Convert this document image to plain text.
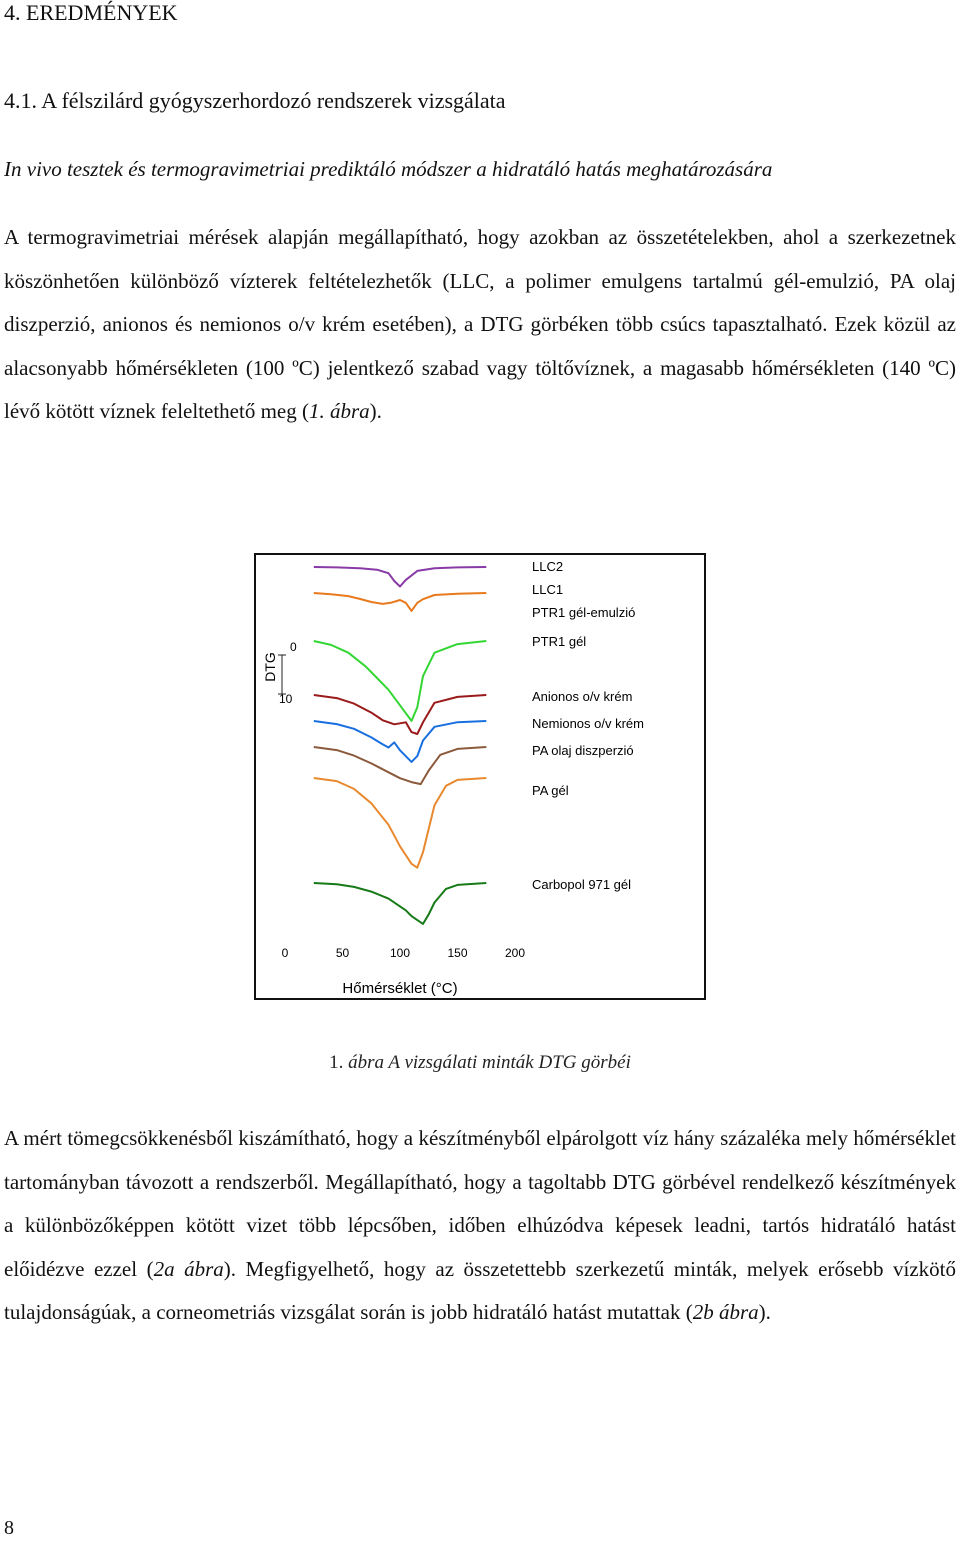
4. EREDMÉNYEK
4.1. A félszilárd gyógyszerhordozó rendszerek vizsgálata
In vivo tesztek és termogravimetriai prediktáló módszer a hidratáló hatás meghatározására
A termogravimetriai mérések alapján megállapítható, hogy azokban az összetételekben, ahol a szerkezetnek köszönhetően különböző vízterek feltételezhetők (LLC, a polimer emulgens tartalmú gél-emulzió, PA olaj diszperzió, anionos és nemionos o/v krém esetében), a DTG görbéken több csúcs tapasztalható. Ezek közül az alacsonyabb hőmérsékleten (100 ºC) jelentkező szabad vagy töltővíznek, a magasabb hőmérsékleten (140 ºC) lévő kötött víznek feleltethető meg (1. ábra).
LLC2
LLC1
PTR1 gél-emulzió
PTR1 gél
Anionos o/v krém
Nemionos o/v krém
PA olaj diszperzió
PA gél
Carbopol 971 gél
DTG
0
10
0	50	100	150	200
Hőmérséklet (°C)
1. ábra A vizsgálati minták DTG görbéi
A mért tömegcsökkenésből kiszámítható, hogy a készítményből elpárolgott víz hány százaléka mely hőmérséklet tartományban távozott a rendszerből. Megállapítható, hogy a tagoltabb DTG görbével rendelkező készítmények a különbözőképpen kötött vizet több lépcsőben, időben elhúzódva képesek leadni, tartós hidratáló hatást előidézve ezzel (2a ábra). Megfigyelhető, hogy az összetettebb szerkezetű minták, melyek erősebb vízkötő tulajdonságúak, a corneometriás vizsgálat során is jobb hidratáló hatást mutattak (2b ábra).
8
